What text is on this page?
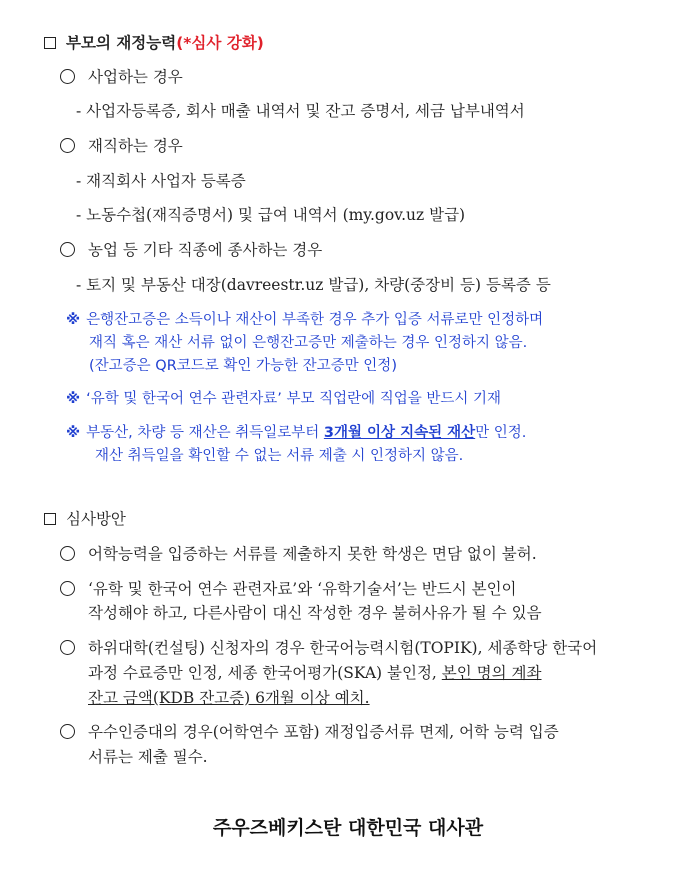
부모의 재정능력(*심사 강화)
사업하는 경우
- 사업자등록증, 회사 매출 내역서 및 잔고 증명서, 세금 납부내역서
재직하는 경우
- 재직회사 사업자 등록증
- 노동수첩(재직증명서) 및 급여 내역서 (my.gov.uz 발급)
농업 등 기타 직종에 종사하는 경우
- 토지 및 부동산 대장(davreestr.uz 발급), 차량(중장비 등) 등록증 등
※ 은행잔고증은 소득이나 재산이 부족한 경우 추가 입증 서류로만 인정하며
재직 혹은 재산 서류 없이 은행잔고증만 제출하는 경우 인정하지 않음.
(잔고증은 QR코드로 확인 가능한 잔고증만 인정)
※ ‘유학 및 한국어 연수 관련자료’ 부모 직업란에 직업을 반드시 기재
※ 부동산, 차량 등 재산은 취득일로부터 3개월 이상 지속된 재산만 인정.
재산 취득일을 확인할 수 없는 서류 제출 시 인정하지 않음.
심사방안
어학능력을 입증하는 서류를 제출하지 못한 학생은 면담 없이 불허.
‘유학 및 한국어 연수 관련자료’와 ‘유학기술서’는 반드시 본인이
작성해야 하고, 다른사람이 대신 작성한 경우 불허사유가 될 수 있음
하위대학(컨설팅) 신청자의 경우 한국어능력시험(TOPIK), 세종학당 한국어
과정 수료증만 인정, 세종 한국어평가(SKA) 불인정, 본인 명의 계좌
잔고 금액(KDB 잔고증) 6개월 이상 예치.
우수인증대의 경우(어학연수 포함) 재정입증서류 면제, 어학 능력 입증
서류는 제출 필수.
주우즈베키스탄 대한민국 대사관
